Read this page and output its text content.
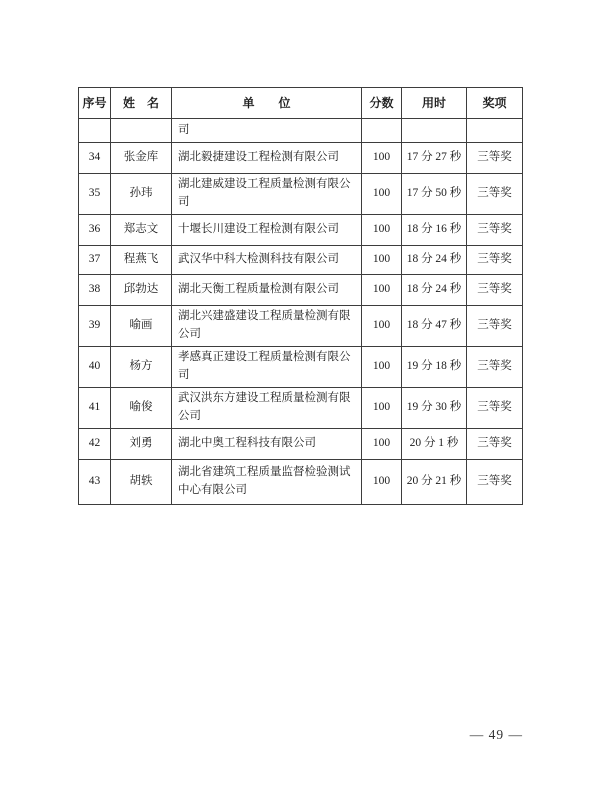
序号	姓　名	单　　位	分数	用时	奖项
		司			
34	张金库	湖北毅捷建设工程检测有限公司	100	17 分 27 秒	三等奖
35	孙玮	湖北建威建设工程质量检测有限公司	100	17 分 50 秒	三等奖
36	郑志文	十堰长川建设工程检测有限公司	100	18 分 16 秒	三等奖
37	程燕飞	武汉华中科大检测科技有限公司	100	18 分 24 秒	三等奖
38	邱勃达	湖北天衡工程质量检测有限公司	100	18 分 24 秒	三等奖
39	喻画	湖北兴建盛建设工程质量检测有限公司	100	18 分 47 秒	三等奖
40	杨方	孝感真正建设工程质量检测有限公司	100	19 分 18 秒	三等奖
41	喻俊	武汉洪东方建设工程质量检测有限公司	100	19 分 30 秒	三等奖
42	刘勇	湖北中奥工程科技有限公司	100	20 分 1 秒	三等奖
43	胡轶	湖北省建筑工程质量监督检验测试中心有限公司	100	20 分 21 秒	三等奖
— 49 —
